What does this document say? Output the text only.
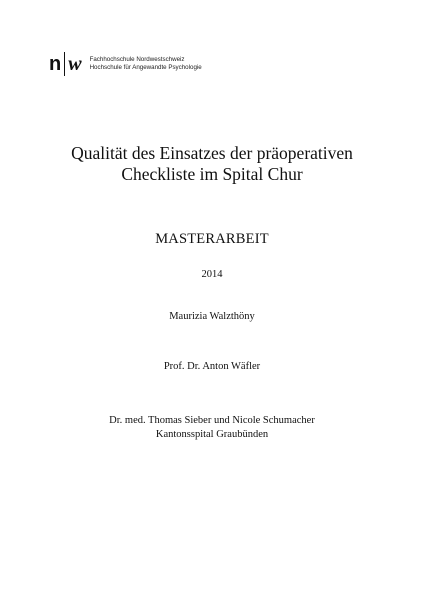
n w Fachhochschule Nordwestschweiz
Hochschule für Angewandte Psychologie
Qualität des Einsatzes der präoperativen
Checkliste im Spital Chur
MASTERARBEIT
2014
Maurizia Walzthöny
Prof. Dr. Anton Wäfler
Dr. med. Thomas Sieber und Nicole Schumacher
Kantonsspital Graubünden
